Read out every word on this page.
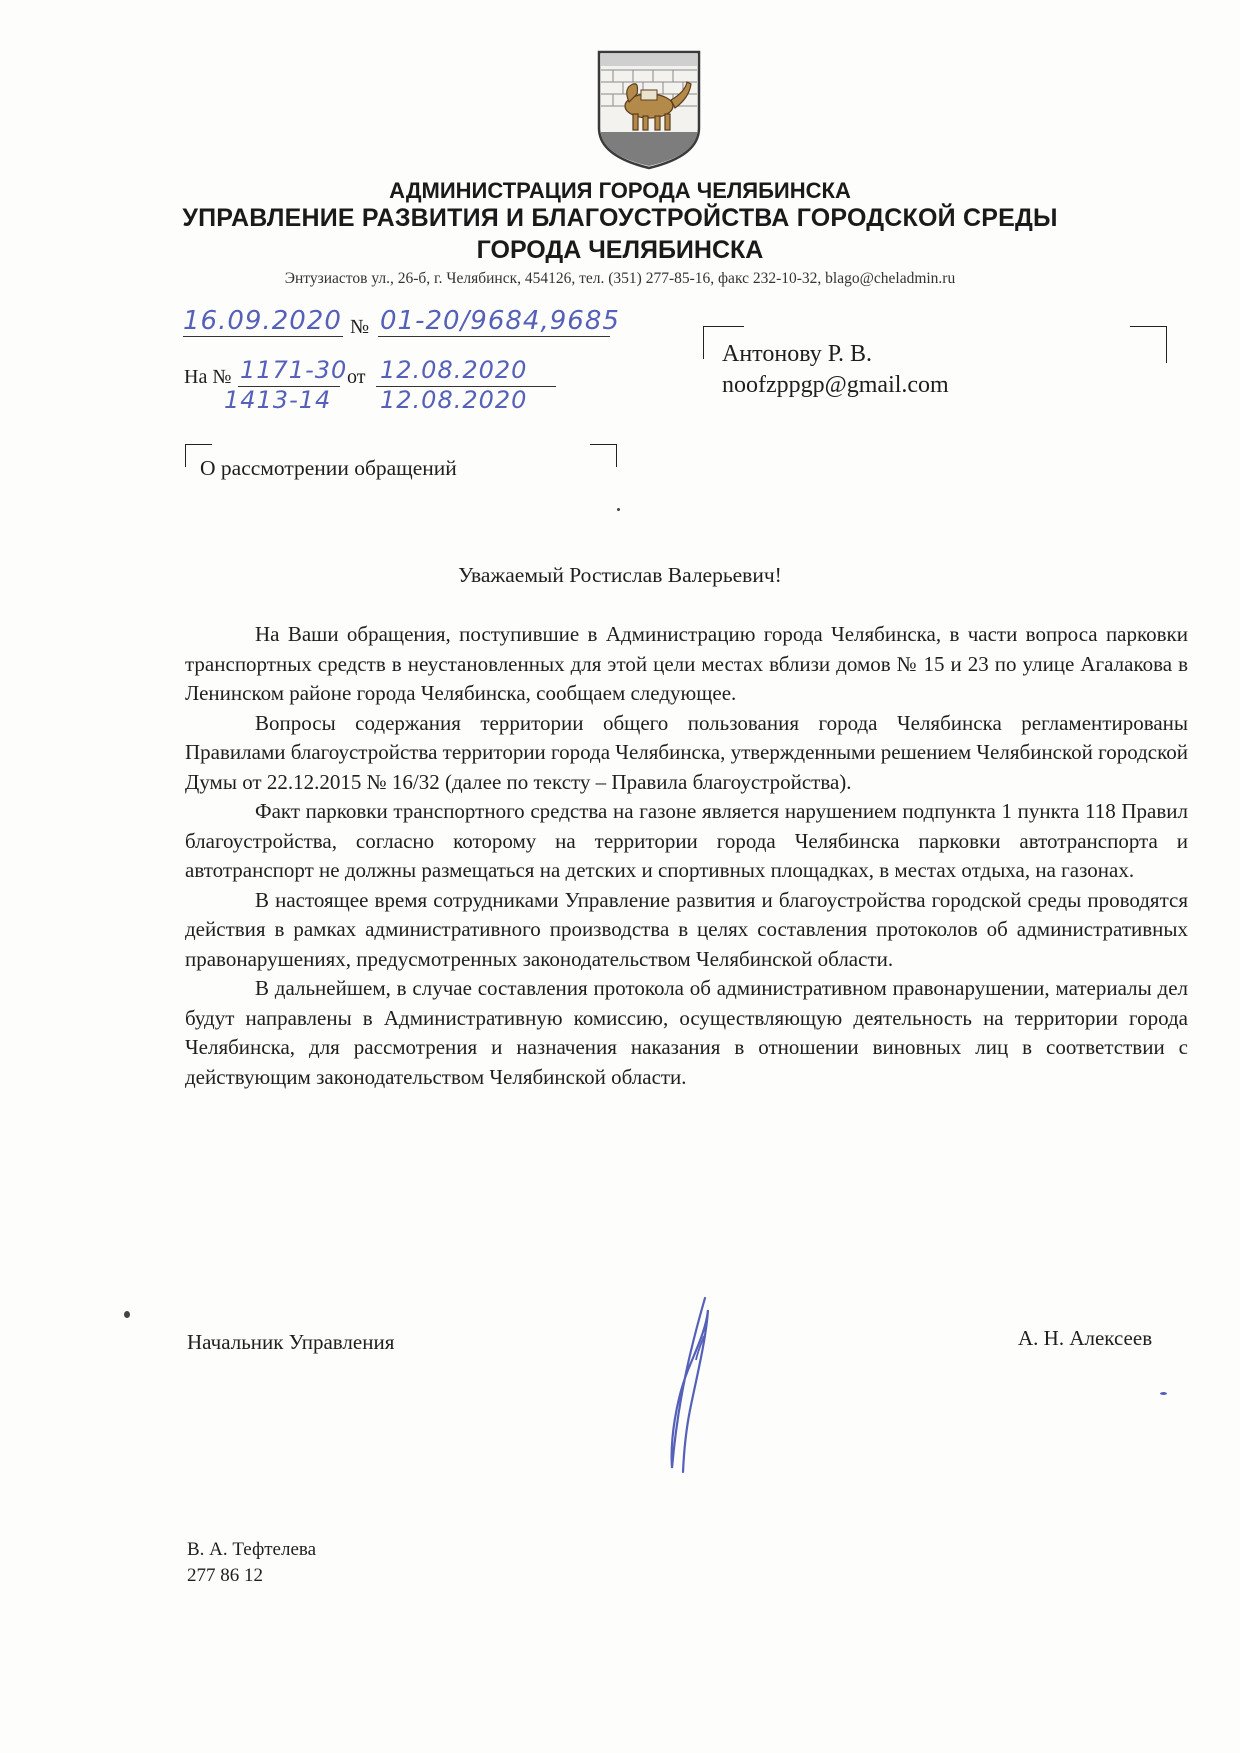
АДМИНИСТРАЦИЯ ГОРОДА ЧЕЛЯБИНСКА
УПРАВЛЕНИЕ РАЗВИТИЯ И БЛАГОУСТРОЙСТВА ГОРОДСКОЙ СРЕДЫ
ГОРОДА ЧЕЛЯБИНСКА
Энтузиастов ул., 26-б, г. Челябинск, 454126, тел. (351) 277-85-16, факс 232-10-32, blago@cheladmin.ru
16.09.2020 № 01-20/9684,9685
На № 1171-30
1413-14
от 12.08.2020
12.08.2020
Антонову Р. В.
noofzppgp@gmail.com
О рассмотрении обращений
Уважаемый Ростислав Валерьевич!

На Ваши обращения, поступившие в Администрацию города Челябинска, в части вопроса парковки транспортных средств в неустановленных для этой цели местах вблизи домов № 15 и 23 по улице Агалакова в Ленинском районе города Челябинска, сообщаем следующее.

Вопросы содержания территории общего пользования города Челябинска регламентированы Правилами благоустройства территории города Челябинска, утвержденными решением Челябинской городской Думы от 22.12.2015 № 16/32 (далее по тексту – Правила благоустройства).

Факт парковки транспортного средства на газоне является нарушением подпункта 1 пункта 118 Правил благоустройства, согласно которому на территории города Челябинска парковки автотранспорта и автотранспорт не должны размещаться на детских и спортивных площадках, в местах отдыха, на газонах.

В настоящее время сотрудниками Управление развития и благоустройства городской среды проводятся действия в рамках административного производства в целях составления протоколов об административных правонарушениях, предусмотренных законодательством Челябинской области.

В дальнейшем, в случае составления протокола об административном правонарушении, материалы дел будут направлены в Административную комиссию, осуществляющую деятельность на территории города Челябинска, для рассмотрения и назначения наказания в отношении виновных лиц в соответствии с действующим законодательством Челябинской области.

Начальник Управления	А. Н. Алексеев
В. А. Тефтелева
277 86 12
